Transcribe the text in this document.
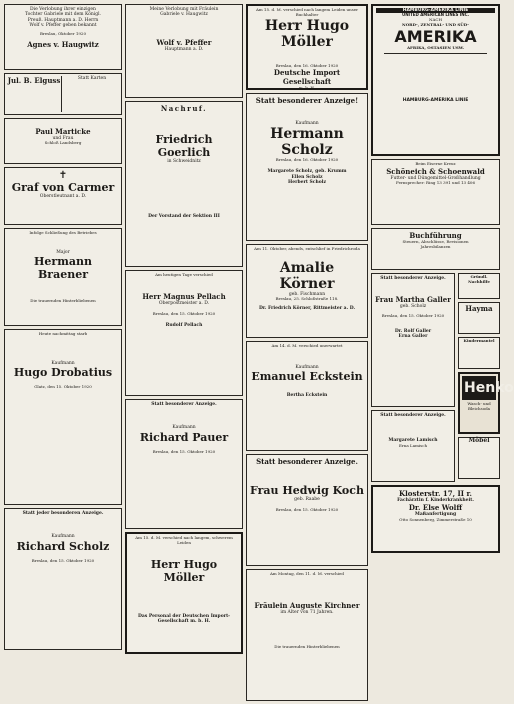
Die Verlobung ihrer einzigen
Tochter Gabriele mit dem Königl.
Preuß. Hauptmann a. D. Herrn
Wolf v. Pfeffer geben bekannt
Breslau, Oktober 1920
Agnes v. Haugwitz
Jul. B. Elguss	Statt Karten
Paul Marticke
und Frau
Schloß Landsberg
✝
Graf von Carmer
Oberstleutnant a. D.
Infolge Schließung des Betriebes
Major
Hermann Braener
Die trauernden Hinterbliebenen
Heute nachmittag starb
Kaufmann
Hugo Drobatius
Glatz, den 15. Oktober 1920
Statt jeder besonderen Anzeige.
Kaufmann
Richard Scholz
Breslau, den 15. Oktober 1920
Meine Verlobung mit Fräulein
Gabriele v. Haugwitz
Wolf v. Pfeffer
Hauptmann a. D.
Nachruf.
Friedrich Goerlich
in Schweidnitz
Der Vorstand der Sektion III
Am heutigen Tage verschied
Herr Magnus Pellach
Oberpostmeister a. D.
Breslau, den 15. Oktober 1920
Rudolf Pellach
Statt besonderer Anzeige.
Kaufmann
Richard Pauer
Breslau, den 15. Oktober 1920
Am 15. d. M. verschied nach langem, schwerem Leiden
Herr Hugo Möller
Das Personal der Deutschen Import-Gesellschaft m. b. H.
Am 15. d. M. verschied nach langem Leiden unser Buchhalter
Herr Hugo Möller
Breslau, den 16. Oktober 1920
Deutsche Import Gesellschaft
m. b. H.
Statt besonderer Anzeige!
Kaufmann
Hermann Scholz
Breslau, den 16. Oktober 1920
Margarete Scholz, geb. Krumm
Ellen Scholz
Herbert Scholz
Am 11. Oktober, abends, entschlief in Friedrichroda
Amalie Körner
geb. Fischmann
Breslau, 25. Schloßstraße 118.
Dr. Friedrich Körner, Rittmeister a. D.
Am 14. d. M. verschied unerwartet
Kaufmann
Emanuel Eckstein
Bertha Eckstein
Statt besonderer Anzeige.
Frau Hedwig Koch
geb. Raabe
Breslau, den 15. Oktober 1920
Am Montag, den 11. d. M. verschied
Fräulein Auguste Kirchner
im Alter von 71 Jahren.
Die trauernden Hinterbliebenen
HAMBURG-AMERIKA LINIE
UNITED AMERICAN LINES INC.
NACH
NORD-, ZENTRAL- UND SÜD-
AMERIKA
AFRIKA, OSTASIEN USW.
HAMBURG-AMERIKA LINIE
Beim Eiserne Kreuz
Schöneich & Schoenwald
Futter- und Düngemittel-Großhandlung
Fernsprecher: Ring 13 391 und 13 406
Buchführung
Steuern, Abschlüsse, Revisionen
Jahresbilanzen
Statt besonderer Anzeige.
Frau Martha Galler
geb. Scholz
Breslau, den 15. Oktober 1920
Dr. Rolf Galler
Erna Galler
Statt besonderer Anzeige.
Margarete Lamisch
Erna Lamisch
Gründl. Nachhilfe
Hayma
Kindermantel
Henko
Wasch- und Bleichsoda
Möbel
Klosterstr. 17, II r.
Fachärztin f. Kinderkrankheit.
Dr. Else Wolff
Maßanfertigung
Otto Sonnenberg, Zimmerstraße 10
